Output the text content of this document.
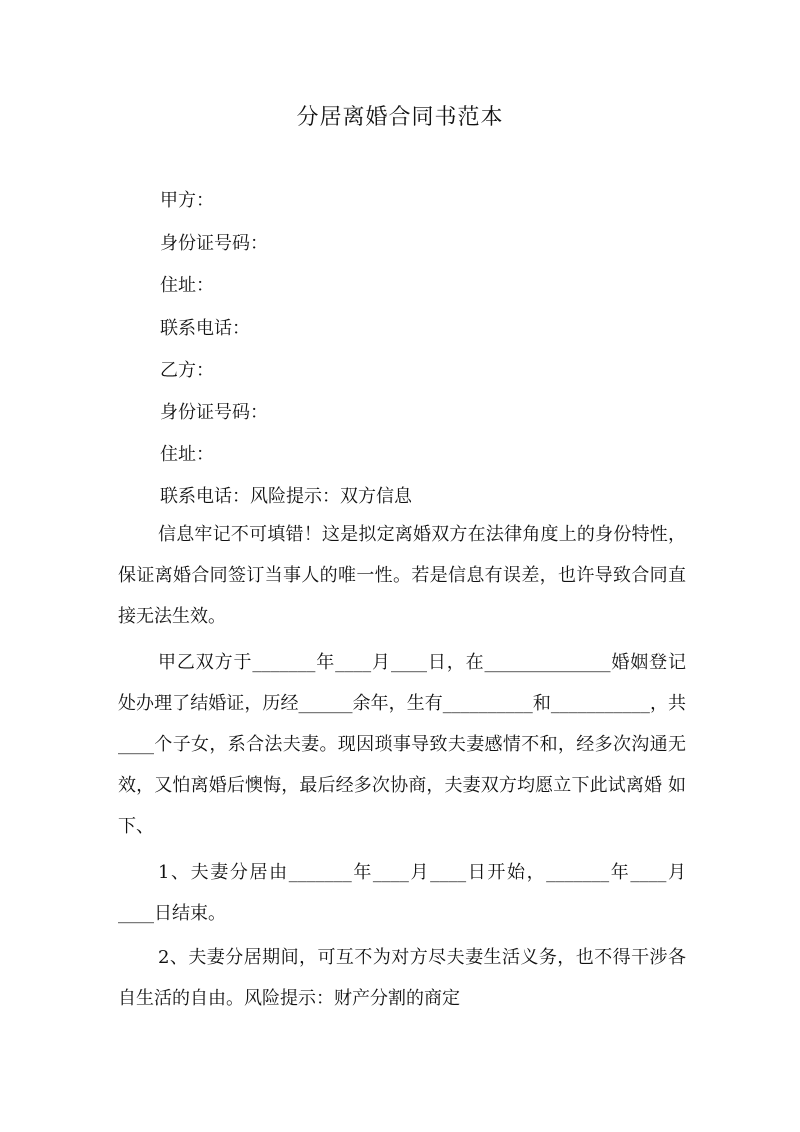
分居离婚合同书范本
甲方：
身份证号码：
住址：
联系电话：
乙方：
身份证号码：
住址：
联系电话：风险提示：双方信息

信息牢记不可填错！这是拟定离婚双方在法律角度上的身份特性，保证离婚合同签订当事人的唯一性。若是信息有误差，也许导致合同直接无法生效。

甲乙双方于_______年____月____日，在______________婚姻登记处办理了结婚证，历经______余年，生有__________和___________，共____个子女，系合法夫妻。现因琐事导致夫妻感情不和，经多次沟通无效，又怕离婚后懊悔，最后经多次协商，夫妻双方均愿立下此试离婚 如下、

1、夫妻分居由_______年____月____日开始，_______年____月____日结束。

2、夫妻分居期间，可互不为对方尽夫妻生活义务，也不得干涉各自生活的自由。风险提示：财产分割的商定
